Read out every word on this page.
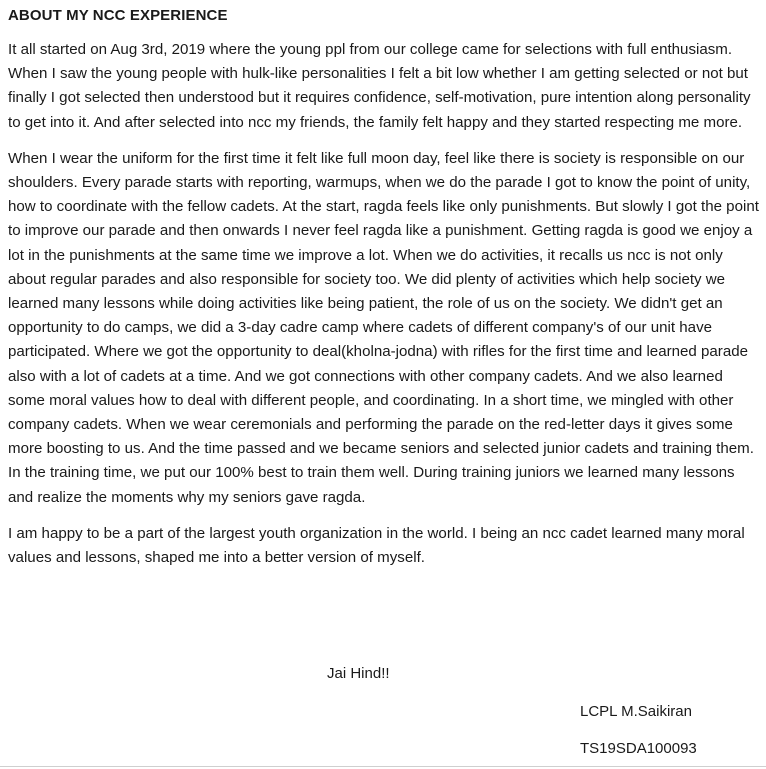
ABOUT MY NCC EXPERIENCE

It all started on Aug 3rd, 2019 where the young ppl from our college came for selections with full enthusiasm. When I saw the young people with hulk-like personalities I felt a bit low whether I am getting selected or not but finally I got selected then understood but it requires confidence, self-motivation, pure intention along personality to get into it. And after selected into ncc my friends, the family felt happy and they started respecting me more.

When I wear the uniform for the first time it felt like full moon day, feel like there is society is responsible on our shoulders. Every parade starts with reporting, warmups, when we do the parade I got to know the point of unity, how to coordinate with the fellow cadets. At the start, ragda feels like only punishments. But slowly I got the point to improve our parade and then onwards I never feel ragda like a punishment. Getting ragda is good we enjoy a lot in the punishments at the same time we improve a lot. When we do activities, it recalls us ncc is not only about regular parades and also responsible for society too. We did plenty of activities which help society we learned many lessons while doing activities like being patient, the role of us on the society. We didn't get an opportunity to do camps, we did a 3-day cadre camp where cadets of different company's of our unit have participated. Where we got the opportunity to deal(kholna-jodna) with rifles for the first time and learned parade also with a lot of cadets at a time. And we got connections with other company cadets. And we also learned some moral values how to deal with different people, and coordinating. In a short time, we mingled with other company cadets. When we wear ceremonials and performing the parade on the red-letter days it gives some more boosting to us. And the time passed and we became seniors and selected junior cadets and training them. In the training time, we put our 100% best to train them well. During training juniors we learned many lessons and realize the moments why my seniors gave ragda.

I am happy to be a part of the largest youth organization in the world. I being an ncc cadet learned many moral values and lessons, shaped me into a better version of myself.

Jai Hind!!
LCPL M.Saikiran
TS19SDA100093
